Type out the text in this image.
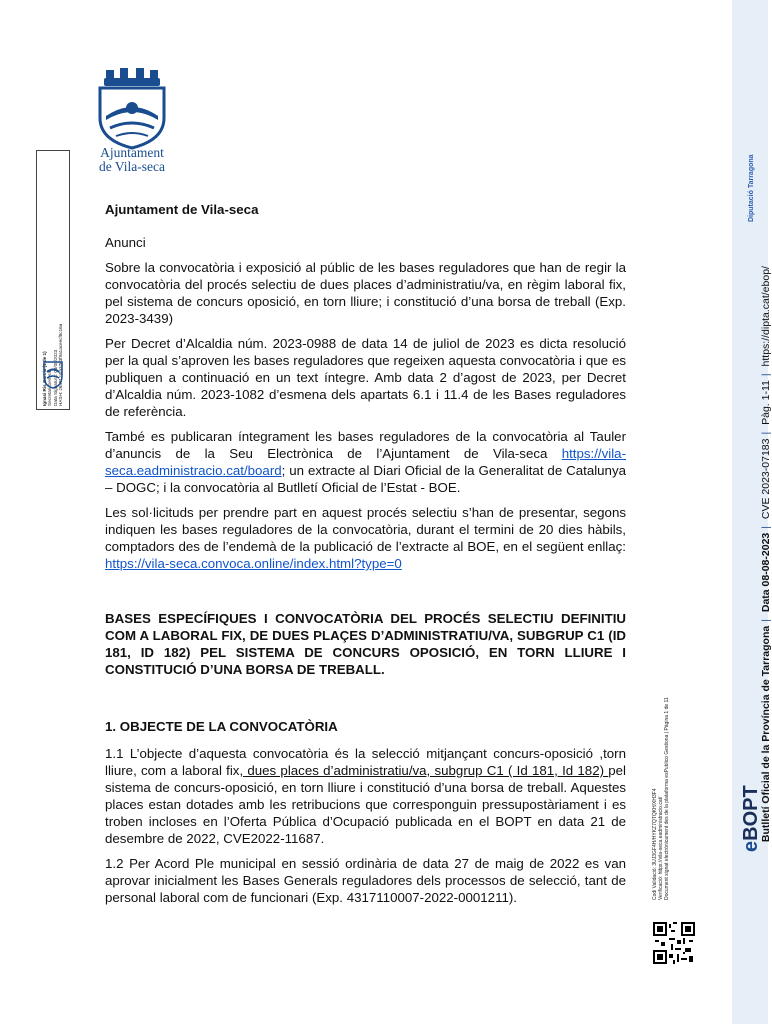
Ajuntament
de Vila-seca
Ignasi Ris Garcia (1 de 1) Secretari General Data Signatura: 03/08/2023 HASH: 2647124fa3763f9a1aceecf8c16a

Ajuntament de Vila-seca

Anunci

Sobre la convocatòria i exposició al públic de les bases reguladores que han de regir la convocatòria del procés selectiu de dues places d’administratiu/va, en règim laboral fix, pel sistema de concurs oposició, en torn lliure; i constitució d’una borsa de treball (Exp. 2023-3439)

Per Decret d’Alcaldia núm. 2023-0988 de data 14 de juliol de 2023 es dicta resolució per la qual s’aproven les bases reguladores que regeixen aquesta convocatòria i que es publiquen a continuació en un text íntegre. Amb data 2 d’agost de 2023, per Decret d’Alcaldia núm. 2023-1082 d’esmena dels apartats 6.1 i 11.4 de les Bases reguladores de referència.

També es publicaran íntegrament les bases reguladores de la convocatòria al Tauler d’anuncis de la Seu Electrònica de l’Ajuntament de Vila-seca https://vila-seca.eadministracio.cat/board; un extracte al Diari Oficial de la Generalitat de Catalunya – DOGC; i la convocatòria al Butlletí Oficial de l’Estat - BOE.

Les sol·licituds per prendre part en aquest procés selectiu s’han de presentar, segons indiquen les bases reguladores de la convocatòria, durant el termini de 20 dies hàbils, comptadors des de l’endemà de la publicació de l’extracte al BOE, en el següent enllaç: https://vila-seca.convoca.online/index.html?type=0

BASES ESPECÍFIQUES I CONVOCATÒRIA DEL PROCÉS SELECTIU DEFINITIU COM A LABORAL FIX, DE DUES PLAÇES D’ADMINISTRATIU/VA, SUBGRUP C1 (ID 181, ID 182) PEL SISTEMA DE CONCURS OPOSICIÓ, EN TORN LLIURE I CONSTITUCIÓ D’UNA BORSA DE TREBALL.

1. OBJECTE DE LA CONVOCATÒRIA

1.1 L’objecte d’aquesta convocatòria és la selecció mitjançant concurs-oposició ,torn lliure, com a laboral fix, dues places d’administratiu/va, subgrup C1 ( Id 181, Id 182) pel sistema de concurs-oposició, en torn lliure i constitució d’una borsa de treball. Aquestes places estan dotades amb les retribucions que corresponguin pressupostàriament i es troben incloses en l’Oferta Pública d’Ocupació publicada en el BOPT en data 21 de desembre de 2022, CVE2022-11687.

1.2 Per Acord Ple municipal en sessió ordinària de data 27 de maig de 2022 es van aprovar inicialment les Bases Generals reguladores dels processos de selecció, tant de personal laboral com de funcionari (Exp. 4317110007-2022-0001211).	Codi Validació: 3UJ3GF4H/HYKZ7QTQKH/XH3F4 Verificació: https://vila-seca.eadministracio.cat/ Document signat electrònicament des de la plataforma esPublico Gestiona | Pàgina 1 de 11	eBOPT
Butlletí Oficial de la Província de Tarragona| Data 08-08-2023| CVE 2023-07183| Pàg. 1-11| https://dipta.cat/ebop/
Diputació Tarragona
